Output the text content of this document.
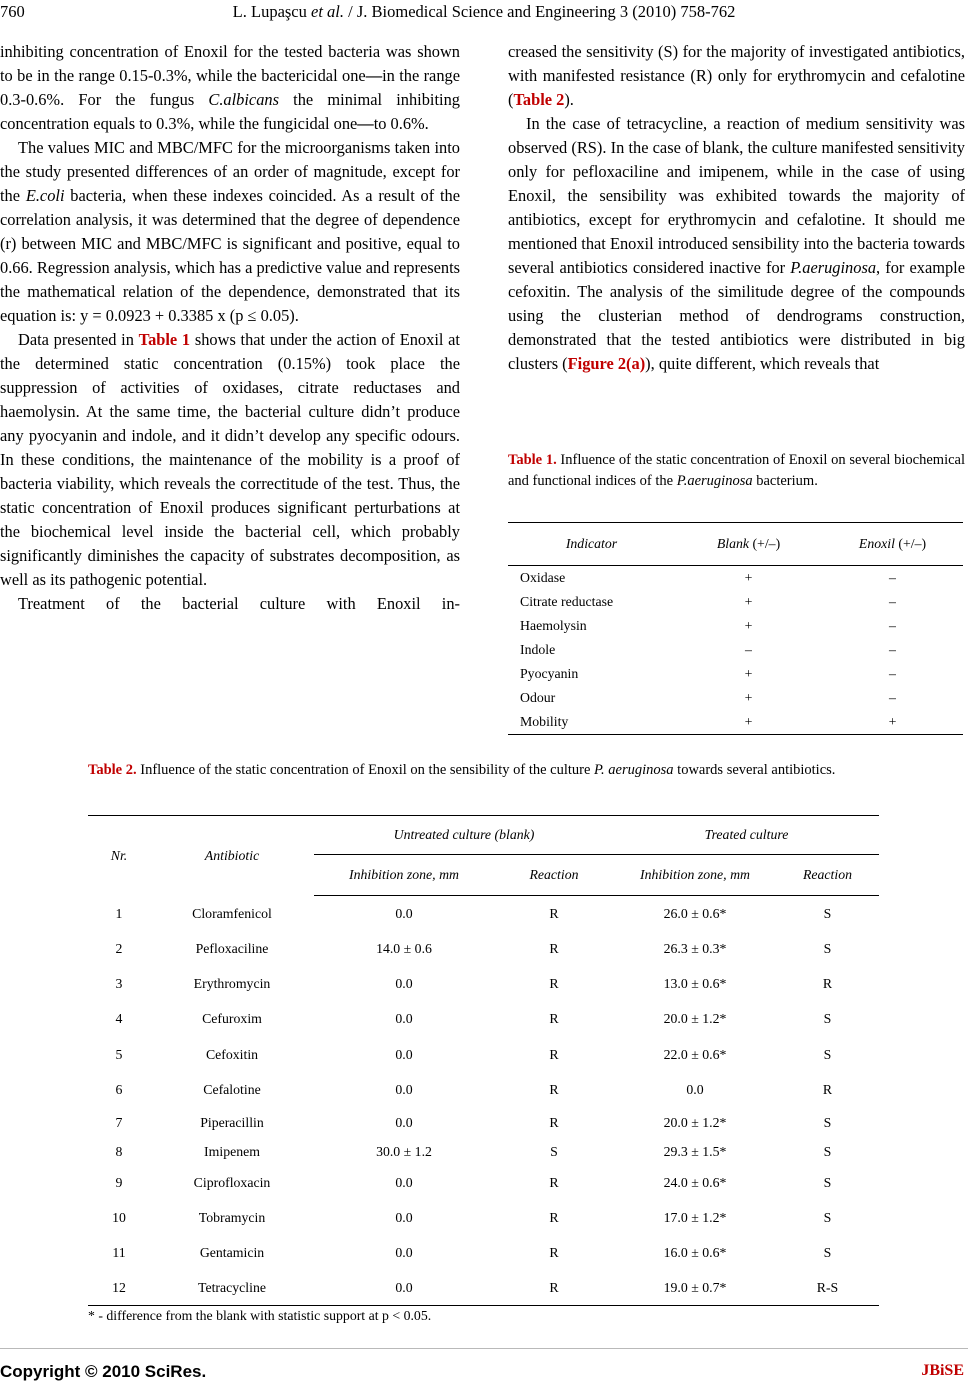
760	L. Lupaşcu et al. / J. Biomedical Science and Engineering 3 (2010) 758-762

inhibiting concentration of Enoxil for the tested bacteria was shown to be in the range 0.15-0.3%, while the bactericidal one—in the range 0.3-0.6%. For the fungus C.albicans the minimal inhibiting concentration equals to 0.3%, while the fungicidal one—to 0.6%.

The values MIC and MBC/MFC for the microorganisms taken into the study presented differences of an order of magnitude, except for the E.coli bacteria, when these indexes coincided. As a result of the correlation analysis, it was determined that the degree of dependence (r) between MIC and MBC/MFC is significant and positive, equal to 0.66. Regression analysis, which has a predictive value and represents the mathematical relation of the dependence, demonstrated that its equation is: y = 0.0923 + 0.3385 x (p ≤ 0.05).

Data presented in Table 1 shows that under the action of Enoxil at the determined static concentration (0.15%) took place the suppression of activities of oxidases, citrate reductases and haemolysin. At the same time, the bacterial culture didn’t produce any pyocyanin and indole, and it didn’t develop any specific odours. In these conditions, the maintenance of the mobility is a proof of bacteria viability, which reveals the correctitude of the test. Thus, the static concentration of Enoxil produces significant perturbations at the biochemical level inside the bacterial cell, which probably significantly diminishes the capacity of substrates decomposition, as well as its pathogenic potential.

Treatment of the bacterial culture with Enoxil in-

creased the sensitivity (S) for the majority of investigated antibiotics, with manifested resistance (R) only for erythromycin and cefalotine (Table 2).

In the case of tetracycline, a reaction of medium sensitivity was observed (RS). In the case of blank, the culture manifested sensitivity only for pefloxaciline and imipenem, while in the case of using Enoxil, the sensibility was exhibited towards the majority of antibiotics, except for erythromycin and cefalotine. It should me mentioned that Enoxil introduced sensibility into the bacteria towards several antibiotics considered inactive for P.aeruginosa, for example cefoxitin. The analysis of the similitude degree of the compounds using the clusterian method of dendrograms construction, demonstrated that the tested antibiotics were distributed in big clusters (Figure 2(a)), quite different, which reveals that

Table 1. Influence of the static concentration of Enoxil on several biochemical and functional indices of the P.aeruginosa bacterium.
Indicator	Blank (+/–)	Enoxil (+/–)
Oxidase	+	–
Citrate reductase	+	–
Haemolysin	+	–
Indole	–	–
Pyocyanin	+	–
Odour	+	–
Mobility	+	+
Table 2. Influence of the static concentration of Enoxil on the sensibility of the culture P. aeruginosa towards several antibiotics.
Nr.	Antibiotic	Untreated culture (blank)		Treated culture	
		Inhibition zone, mm	Reaction	Inhibition zone, mm	Reaction
1	Cloramfenicol	0.0	R	26.0 ± 0.6*	S
2	Pefloxaciline	14.0 ± 0.6	R	26.3 ± 0.3*	S
3	Erythromycin	0.0	R	13.0 ± 0.6*	R
4	Cefuroxim	0.0	R	20.0 ± 1.2*	S
5	Cefoxitin	0.0	R	22.0 ± 0.6*	S
6	Cefalotine	0.0	R	0.0	R
7	Piperacillin	0.0	R	20.0 ± 1.2*	S
8	Imipenem	30.0 ± 1.2	S	29.3 ± 1.5*	S
9	Ciprofloxacin	0.0	R	24.0 ± 0.6*	S
10	Tobramycin	0.0	R	17.0 ± 1.2*	S
11	Gentamicin	0.0	R	16.0 ± 0.6*	S
12	Tetracycline	0.0	R	19.0 ± 0.7*	R-S
* - difference from the blank with statistic support at p < 0.05.
Copyright © 2010 SciRes.	JBiSE
